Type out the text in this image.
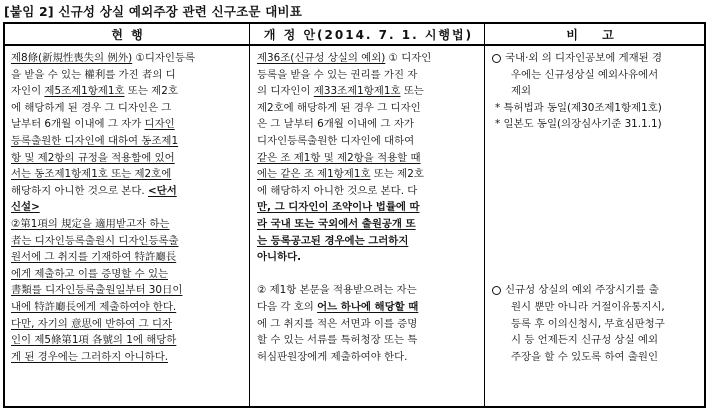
[붙임 2] 신규성 상실 예외주장 관련 신구조문 대비표
현 행	개 정 안(2014. 7. 1. 시행법)	비 고
제8條(新規性喪失의 例外) ①디자인등록
을 받을 수 있는 權利를 가진 者의 디
자인이 제5조제1항제1호 또는 제2호
에 해당하게 된 경우 그 디자인은 그
날부터 6개월 이내에 그 자가 디자인
등록출원한 디자인에 대하여 동조제1
항 및 제2항의 규정을 적용함에 있어
서는 동조제1항제1호 또는 제2호에
해당하지 아니한 것으로 본다. <단서
신설>
②第1項의 規定을 適用받고자 하는
者는 디자인등록출원시 디자인등록출
원서에 그 취지를 기재하여 特許廳長
에게 제출하고 이를 증명할 수 있는
書類를 디자인등록출원일부터 30日이
내에 特許廳長에게 제출하여야 한다.
다만, 자기의 意思에 반하여 그 디자
인이 제5條第1項 各號의 1에 해당하
게 된 경우에는 그러하지 아니하다.
제36조(신규성 상실의 예외) ① 디자인
등록을 받을 수 있는 권리를 가진 자
의 디자인이 제33조제1항제1호 또는
제2호에 해당하게 된 경우 그 디자인
은 그 날부터 6개월 이내에 그 자가
디자인등록출원한 디자인에 대하여
같은 조 제1항 및 제2항을 적용할 때
에는 같은 조 제1항제1호 또는 제2호
에 해당하지 아니한 것으로 본다. 다
만, 그 디자인이 조약이나 법률에 따
라 국내 또는 국외에서 출원공개 또
는 등록공고된 경우에는 그러하지
아니하다.
② 제1항 본문을 적용받으려는 자는
다음 각 호의 어느 하나에 해당할 때
에 그 취지를 적은 서면과 이를 증명
할 수 있는 서류를 특허청장 또는 특
허심판원장에게 제출하여야 한다.
국내·외 의 디자인공보에 게재된 경
우에는 신규성상실 예외사유에서
제외
* 특허법과 동일(제30조제1항제1호)
* 일본도 동일(의장심사기준 31.1.1)
신규성 상실의 예외 주장시기를 출
원시 뿐만 아니라 거절이유통지시,
등록 후 이의신청시, 무효심판청구
시 등 언제든지 신규성 상실 예외
주장을 할 수 있도록 하여 출원인
